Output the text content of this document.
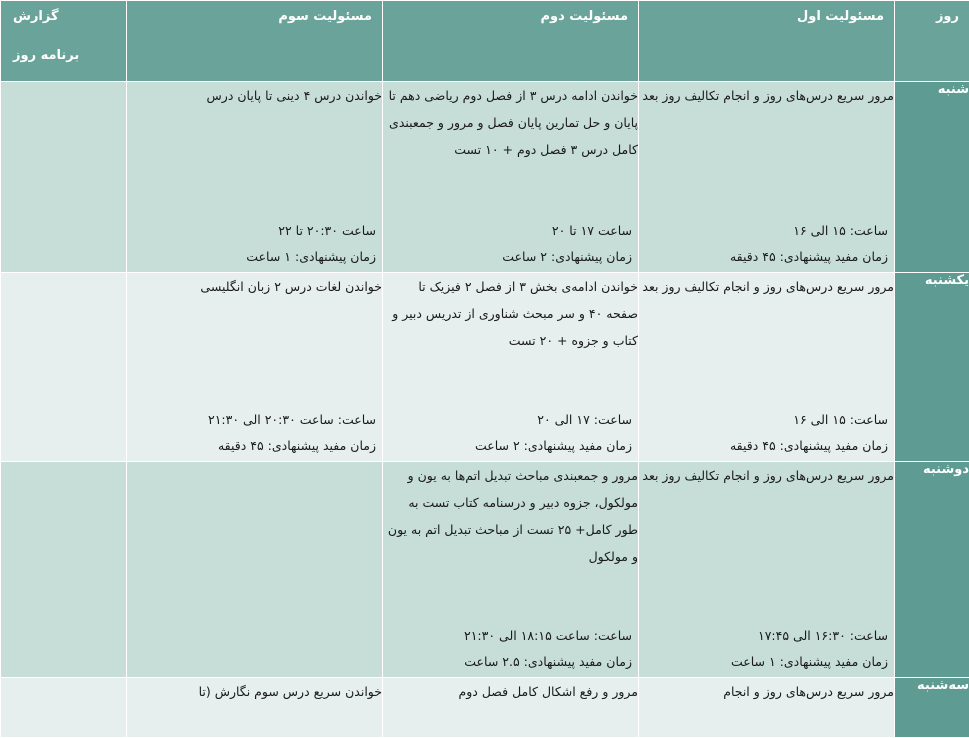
روز	مسئولیت اول	مسئولیت دوم	مسئولیت سوم	گزارش
برنامه روز

شنبه	مرور سریع درس‌های روز و انجام تکالیف روز بعد
ساعت: ۱۵ الی ۱۶
زمان مفید پیشنهادی: ۴۵ دقیقه	خواندن ادامه درس ۳ از فصل دوم ریاضی دهم تا پایان و حل تمارین پایان فصل و مرور و جمعبندی کامل درس ۳ فصل دوم + ۱۰ تست
ساعت ۱۷ تا ۲۰
زمان پیشنهادی: ۲ ساعت	خواندن درس ۴ دینی تا پایان درس
ساعت ۲۰:۳۰ تا ۲۲
زمان پیشنهادی: ۱ ساعت	

یکشنبه	مرور سریع درس‌های روز و انجام تکالیف روز بعد
ساعت: ۱۵ الی ۱۶
زمان مفید پیشنهادی: ۴۵ دقیقه	خواندن ادامه‌ی بخش ۳ از فصل ۲ فیزیک تا صفحه ۴۰ و سر مبحث شناوری از تدریس دبیر و کتاب و جزوه + ۲۰ تست
ساعت: ۱۷ الی ۲۰
زمان مفید پیشنهادی: ۲ ساعت	خواندن لغات درس ۲ زبان انگلیسی
ساعت: ساعت ۲۰:۳۰ الی ۲۱:۳۰
زمان مفید پیشنهادی: ۴۵ دقیقه	

دوشنبه	مرور سریع درس‌های روز و انجام تکالیف روز بعد
ساعت: ۱۶:۳۰ الی ۱۷:۴۵
زمان مفید پیشنهادی: ۱ ساعت	مرور و جمعبندی مباحث تبدیل اتم‌ها به یون و مولکول، جزوه دبیر و درسنامه کتاب تست به طور کامل+ ۲۵ تست از مباحث تبدیل اتم به یون و مولکول
ساعت: ساعت ۱۸:۱۵ الی ۲۱:۳۰
زمان مفید پیشنهادی: ۲.۵ ساعت		

سه‌شنبه	مرور سریع درس‌های روز و انجام	مرور و رفع اشکال کامل فصل دوم	خواندن سریع درس سوم نگارش (تا	
